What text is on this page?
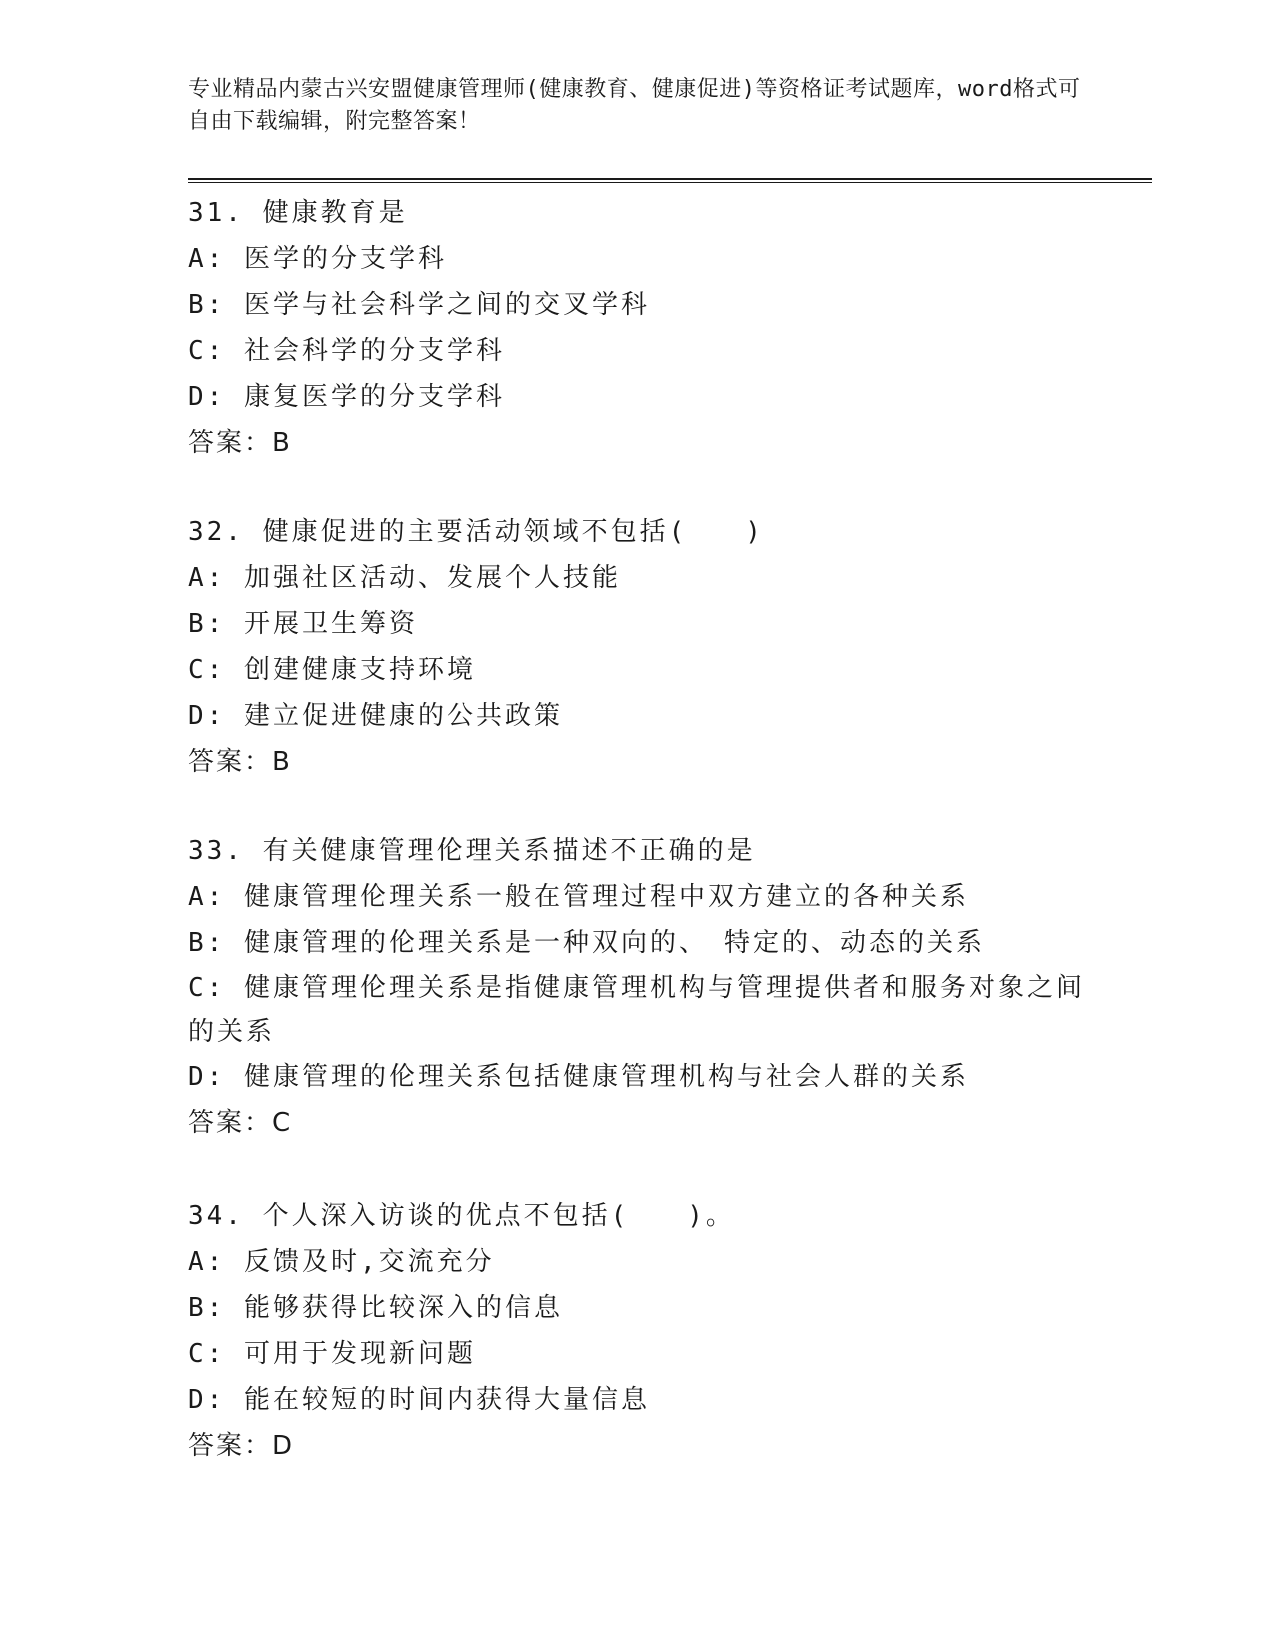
专业精品内蒙古兴安盟健康管理师(健康教育、健康促进)等资格证考试题库，word格式可自由下载编辑，附完整答案！
31. 健康教育是
A: 医学的分支学科
B: 医学与社会科学之间的交叉学科
C: 社会科学的分支学科
D: 康复医学的分支学科
答案：B
32. 健康促进的主要活动领域不包括(　　)
A: 加强社区活动、发展个人技能
B: 开展卫生筹资
C: 创建健康支持环境
D: 建立促进健康的公共政策
答案：B
33. 有关健康管理伦理关系描述不正确的是
A: 健康管理伦理关系一般在管理过程中双方建立的各种关系
B: 健康管理的伦理关系是一种双向的、　特定的、动态的关系
C: 健康管理伦理关系是指健康管理机构与管理提供者和服务对象之间的关系
D: 健康管理的伦理关系包括健康管理机构与社会人群的关系
答案：C
34. 个人深入访谈的优点不包括(　　)。
A: 反馈及时,交流充分
B: 能够获得比较深入的信息
C: 可用于发现新问题
D: 能在较短的时间内获得大量信息
答案：D
